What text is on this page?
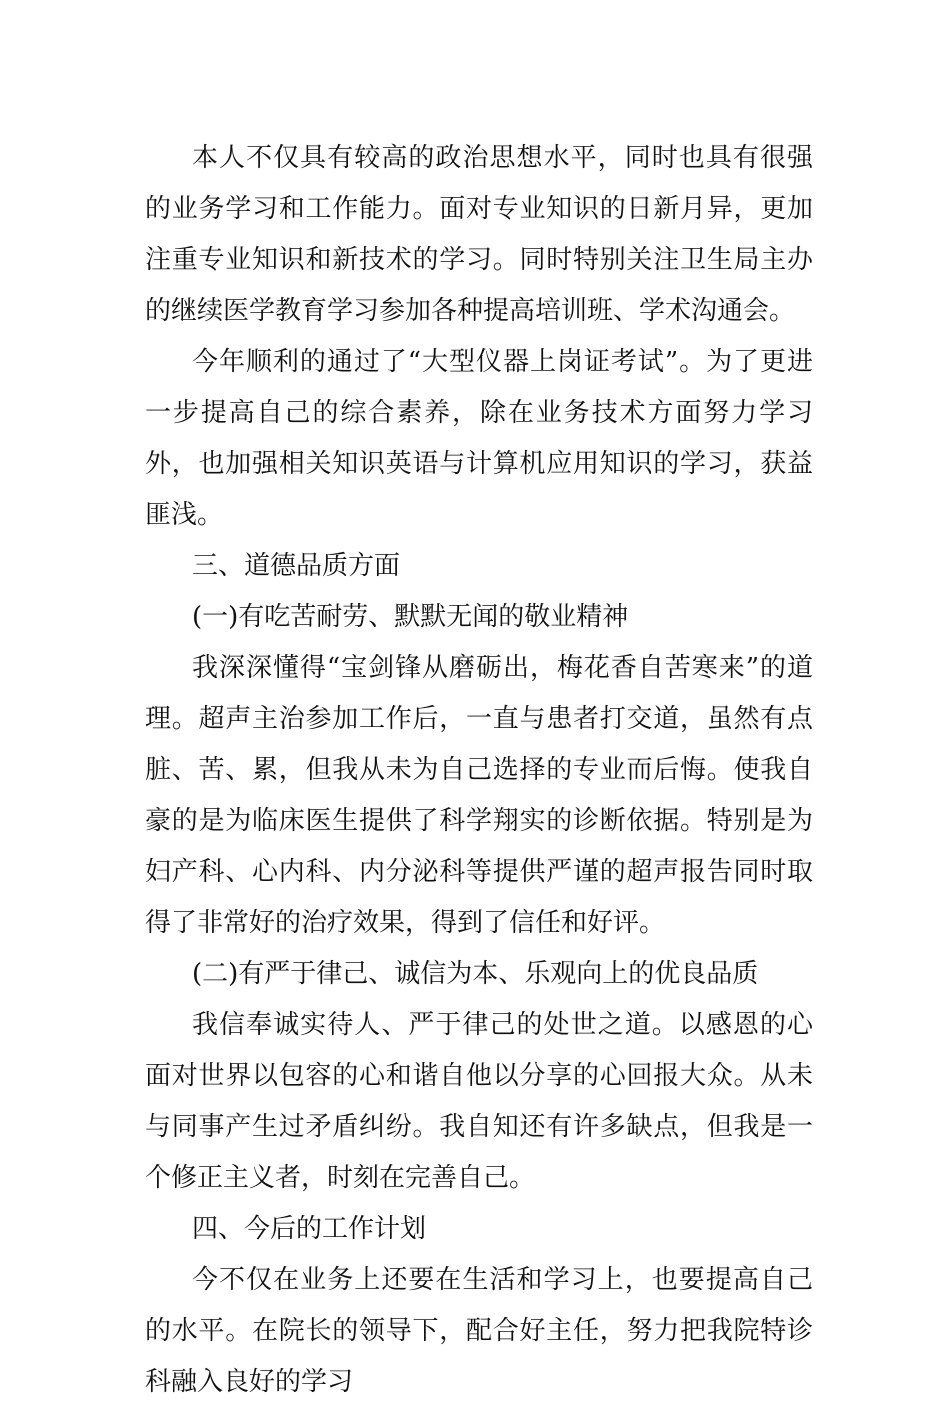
本人不仅具有较高的政治思想水平，同时也具有很强的业务学习和工作能力。面对专业知识的日新月异，更加注重专业知识和新技术的学习。同时特别关注卫生局主办的继续医学教育学习参加各种提高培训班、学术沟通会。

今年顺利的通过了“大型仪器上岗证考试”。为了更进一步提高自己的综合素养，除在业务技术方面努力学习外，也加强相关知识英语与计算机应用知识的学习，获益匪浅。

三、道德品质方面

(一)有吃苦耐劳、默默无闻的敬业精神

我深深懂得“宝剑锋从磨砺出，梅花香自苦寒来”的道理。超声主治参加工作后，一直与患者打交道，虽然有点脏、苦、累，但我从未为自己选择的专业而后悔。使我自豪的是为临床医生提供了科学翔实的诊断依据。特别是为妇产科、心内科、内分泌科等提供严谨的超声报告同时取得了非常好的治疗效果，得到了信任和好评。

(二)有严于律己、诚信为本、乐观向上的优良品质

我信奉诚实待人、严于律己的处世之道。以感恩的心面对世界以包容的心和谐自他以分享的心回报大众。从未与同事产生过矛盾纠纷。我自知还有许多缺点，但我是一个修正主义者，时刻在完善自己。

四、今后的工作计划

今不仅在业务上还要在生活和学习上，也要提高自己的水平。在院长的领导下，配合好主任，努力把我院特诊科融入良好的学习
